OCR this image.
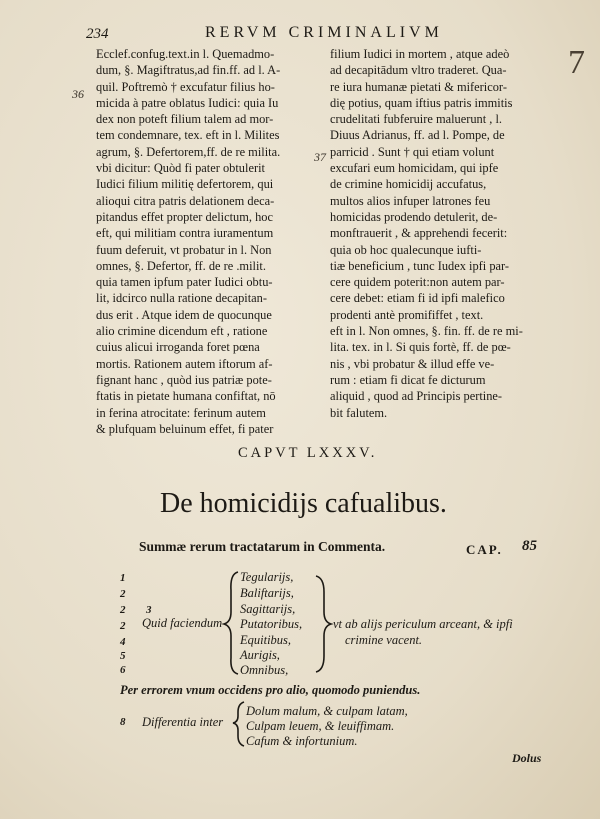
234	RERVM CRIMINALIVM
36
37
7

Ecclef.confug.text.in l. Quemadmo-

dum, §. Magiftratus,ad fin.ff. ad l. A-

quil. Poftremò † excufatur filius ho-

micida à patre oblatus Iudici: quia Iu

dex non poteft filium talem ad mor-

tem condemnare, tex. eft in l. Milites

agrum, §. Defertorem,ff. de re milita.

vbi dicitur: Quòd fi pater obtulerit

Iudici filium militię defertorem, qui

alioqui citra patris delationem deca-

pitandus effet propter delictum, hoc

eft, qui militiam contra iuramentum

fuum deferuit, vt probatur in l. Non

omnes, §. Defertor, ff. de re .milit.

quia tamen ipfum pater Iudici obtu-

lit, idcirco nulla ratione decapitan-

dus erit . Atque idem de quocunque

alio crimine dicendum eft , ratione

cuius alicui irroganda foret pœna

mortis. Rationem autem iftorum af-

fignant hanc , quòd ius patriæ pote-

ftatis in pietate humana confiftat, nō

in ferina atrocitate: ferinum autem

& plufquam beluinum effet, fi pater

filium Iudici in mortem , atque adeò

ad decapitādum vltro traderet. Qua-

re iura humanæ pietati & mifericor-

dię potius, quam iftius patris immitis

crudelitati fubferuire maluerunt , l.

Diuus Adrianus, ff. ad l. Pompe, de

parricid . Sunt † qui etiam volunt

excufari eum homicidam, qui ipfe

de crimine homicidij accufatus,

multos alios infuper latrones feu

homicidas prodendo detulerit, de-

monftrauerit , & apprehendi fecerit:

quia ob hoc qualecunque iufti-

tiæ beneficium , tunc Iudex ipfi par-

cere quidem poterit:non autem par-

cere debet: etiam fi id ipfi malefico

prodenti antè promififfet , text.

eft in l. Non omnes, §. fin. ff. de re mi-

lita. tex. in l. Si quis fortè, ff. de pœ-

nis , vbi probatur & illud effe ve-

rum : etiam fi dicat fe dicturum

aliquid , quod ad Principis pertine-

bit falutem.

CAPVT LXXXV.
De homicidijs cafualibus.
Summæ rerum tractatarum in Commenta.	CAP. 85
1
2
2
2
4
5
6
3
Quid faciendum
Tegularijs,
Baliftarijs,
Sagittarijs,
Putatoribus,
Equitibus,
Aurigis,
Omnibus,
vt ab alijs periculum arceant, & ipfi
crimine vacent.
Per errorem vnum occidens pro alio, quomodo puniendus.
8 Differentia inter
Dolum malum, & culpam latam,
Culpam leuem, & leuiffimam.
Cafum & infortunium.
Dolus
